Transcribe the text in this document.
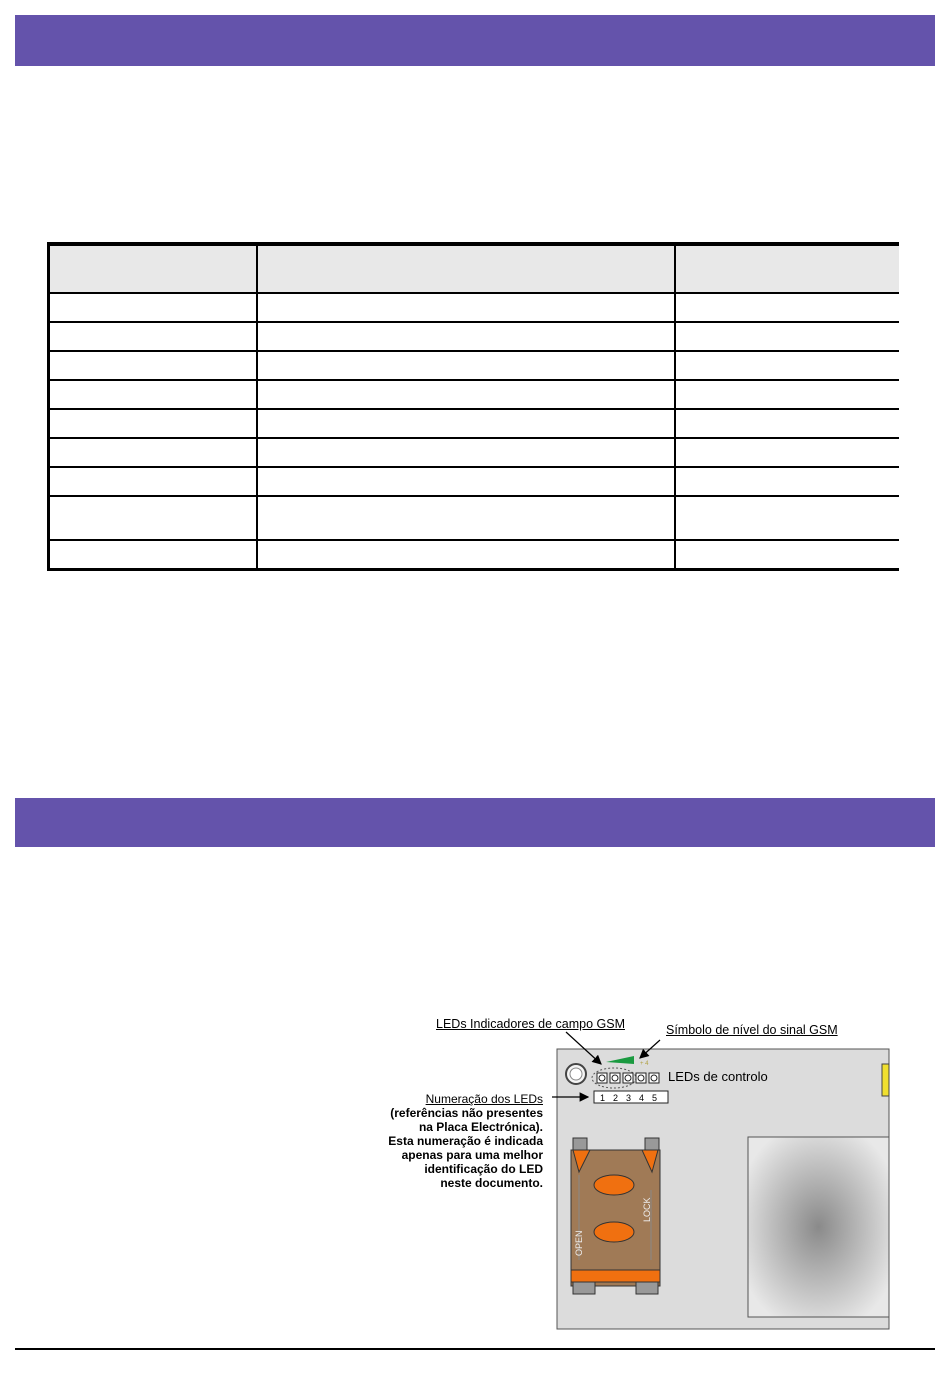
+ 4
1 2 3 4 5
OPEN
LOCK
LEDs Indicadores de campo GSM	Símbolo de nível do sinal GSM
LEDs de controlo
Numeração dos LEDs
(referências não presentes
na Placa Electrónica).
Esta numeração é indicada
apenas para uma melhor
identificação do LED
neste documento.
